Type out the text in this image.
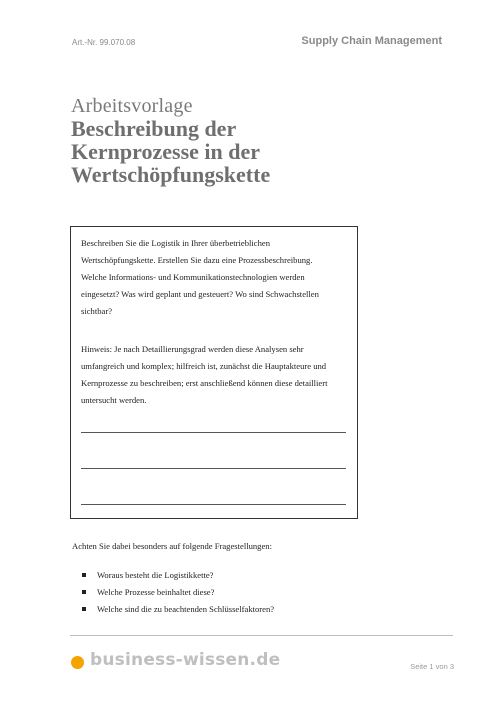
Art.-Nr. 99.070.08	Supply Chain Management
Arbeitsvorlage
Beschreibung der
Kernprozesse in der
Wertschöpfungskette
Beschreiben Sie die Logistik in Ihrer überbetrieblichen
Wertschöpfungskette. Erstellen Sie dazu eine Prozessbeschreibung.
Welche Informations- und Kommunikationstechnologien werden
eingesetzt? Was wird geplant und gesteuert? Wo sind Schwachstellen
sichtbar?
Hinweis: Je nach Detaillierungsgrad werden diese Analysen sehr
umfangreich und komplex; hilfreich ist, zunächst die Hauptakteure und
Kernprozesse zu beschreiben; erst anschließend können diese detailliert
untersucht werden.
Achten Sie dabei besonders auf folgende Fragestellungen:
Woraus besteht die Logistikkette?
Welche Prozesse beinhaltet diese?
Welche sind die zu beachtenden Schlüsselfaktoren?
business-wissen.de	Seite 1 von 3
